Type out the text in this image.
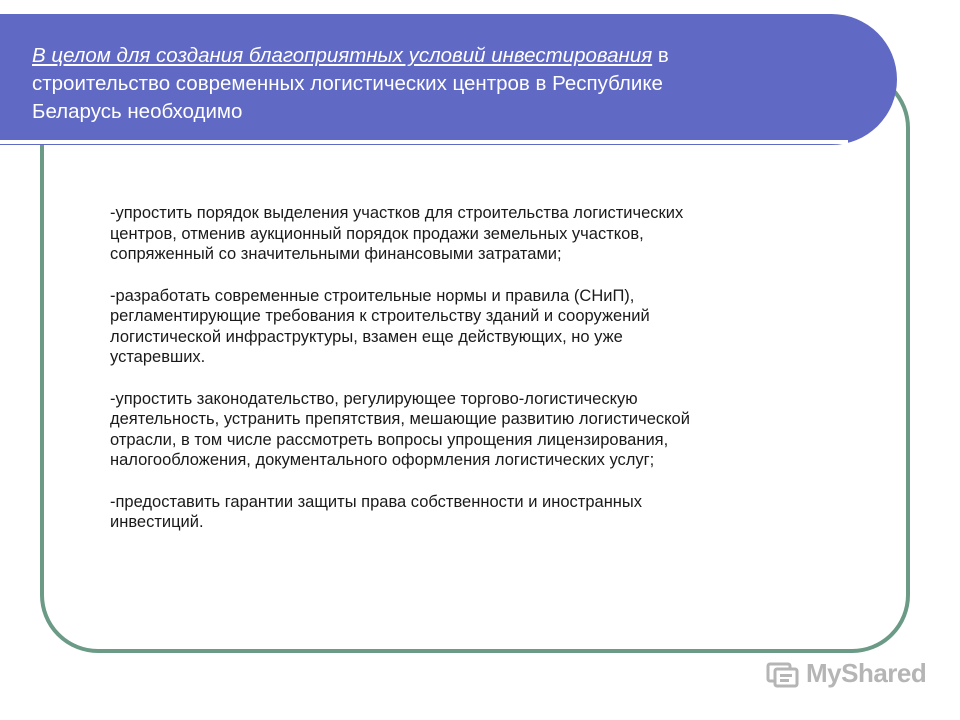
В целом для создания благоприятных условий инвестирования в
строительство современных логистических центров в Республике
Беларусь необходимо

-упростить порядок выделения участков для строительства логистических
центров, отменив аукционный порядок продажи земельных участков,
сопряженный со значительными финансовыми затратами;

-разработать современные строительные нормы и правила (СНиП),
регламентирующие требования к строительству зданий и сооружений
логистической инфраструктуры, взамен еще действующих, но уже
устаревших.

-упростить законодательство, регулирующее торгово-логистическую
деятельность, устранить препятствия, мешающие развитию логистической
отрасли, в том числе рассмотреть вопросы упрощения лицензирования,
налогообложения, документального оформления логистических услуг;

-предоставить гарантии защиты права собственности и иностранных
инвестиций.

MyShared
